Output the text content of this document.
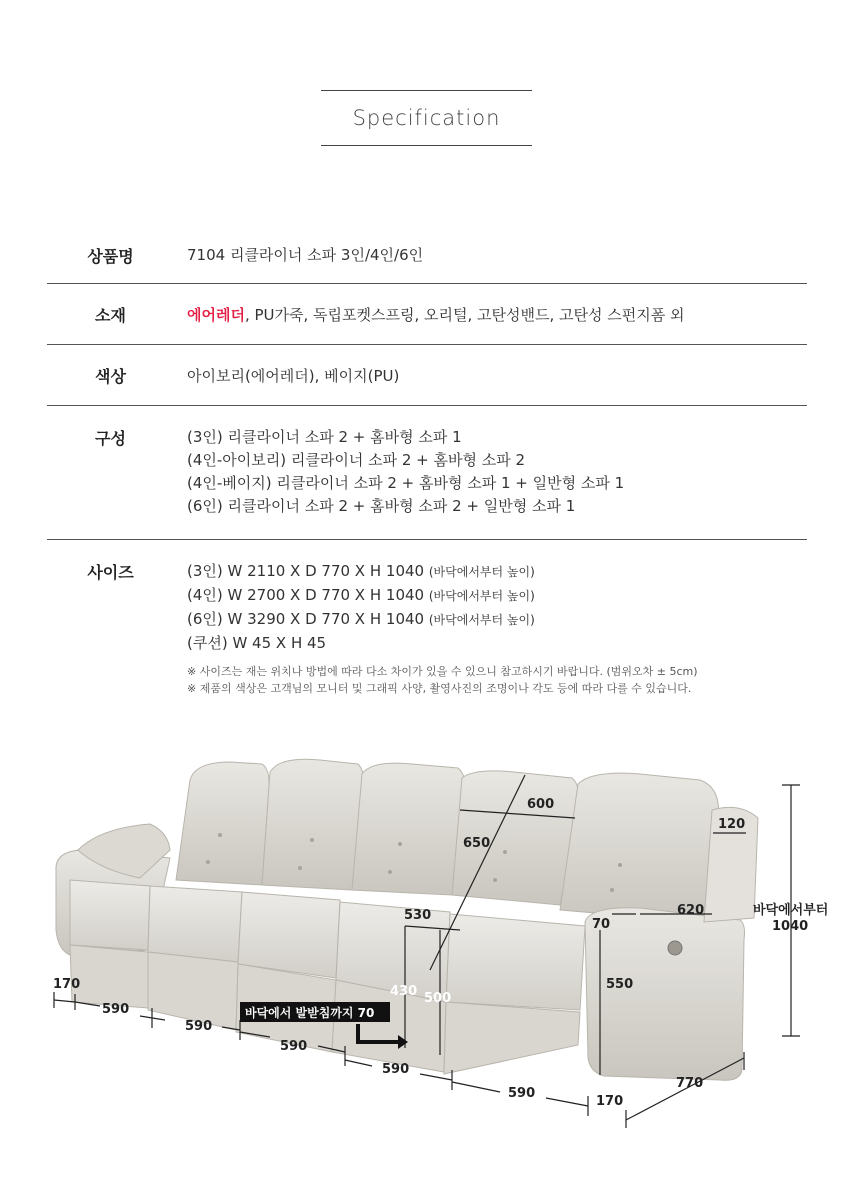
Specification
상품명	7104 리클라이너 소파 3인/4인/6인
소재	에어레더, PU가죽, 독립포켓스프링, 오리털, 고탄성밴드, 고탄성 스펀지폼 외
색상	아이보리(에어레더), 베이지(PU)
구성	(3인) 리클라이너 소파 2 + 홈바형 소파 1
(4인-아이보리) 리클라이너 소파 2 + 홈바형 소파 2
(4인-베이지) 리클라이너 소파 2 + 홈바형 소파 1 + 일반형 소파 1
(6인) 리클라이너 소파 2 + 홈바형 소파 2 + 일반형 소파 1
사이즈	(3인) W 2110 X D 770 X H 1040 (바닥에서부터 높이)
(4인) W 2700 X D 770 X H 1040 (바닥에서부터 높이)
(6인) W 3290 X D 770 X H 1040 (바닥에서부터 높이)
(쿠션) W 45 X H 45
※ 사이즈는 재는 위치나 방법에 따라 다소 차이가 있을 수 있으니 참고하시기 바랍니다. (범위오차 ± 5cm)
※ 제품의 색상은 고객님의 모니터 및 그래픽 사양, 촬영사진의 조명이나 각도 등에 따라 다를 수 있습니다.
600
650
120
바닥에서부터
1040
620
70
530
430 500
550
바닥에서 발받침까지 70
170
590
590
590
590
590
170
770
